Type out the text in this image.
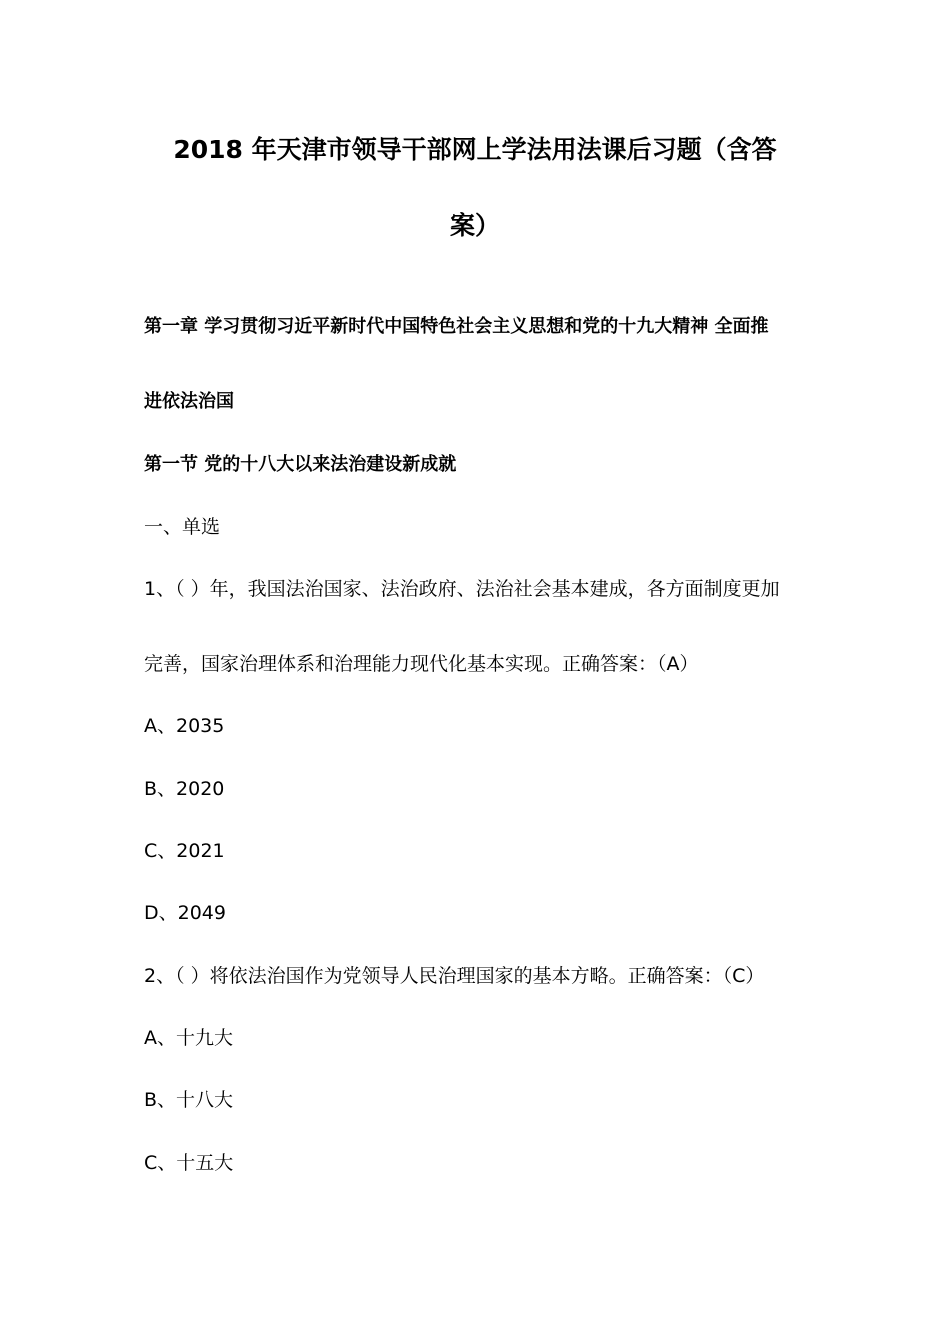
2018 年天津市领导干部网上学法用法课后习题（含答
案）
第一章 学习贯彻习近平新时代中国特色社会主义思想和党的十九大精神 全面推
进依法治国
第一节 党的十八大以来法治建设新成就
一、单选
1、（ ）年，我国法治国家、法治政府、法治社会基本建成，各方面制度更加
完善，国家治理体系和治理能力现代化基本实现。正确答案：（A）
A、2035
B、2020
C、2021
D、2049
2、（ ）将依法治国作为党领导人民治理国家的基本方略。正确答案：（C）
A、十九大
B、十八大
C、十五大
